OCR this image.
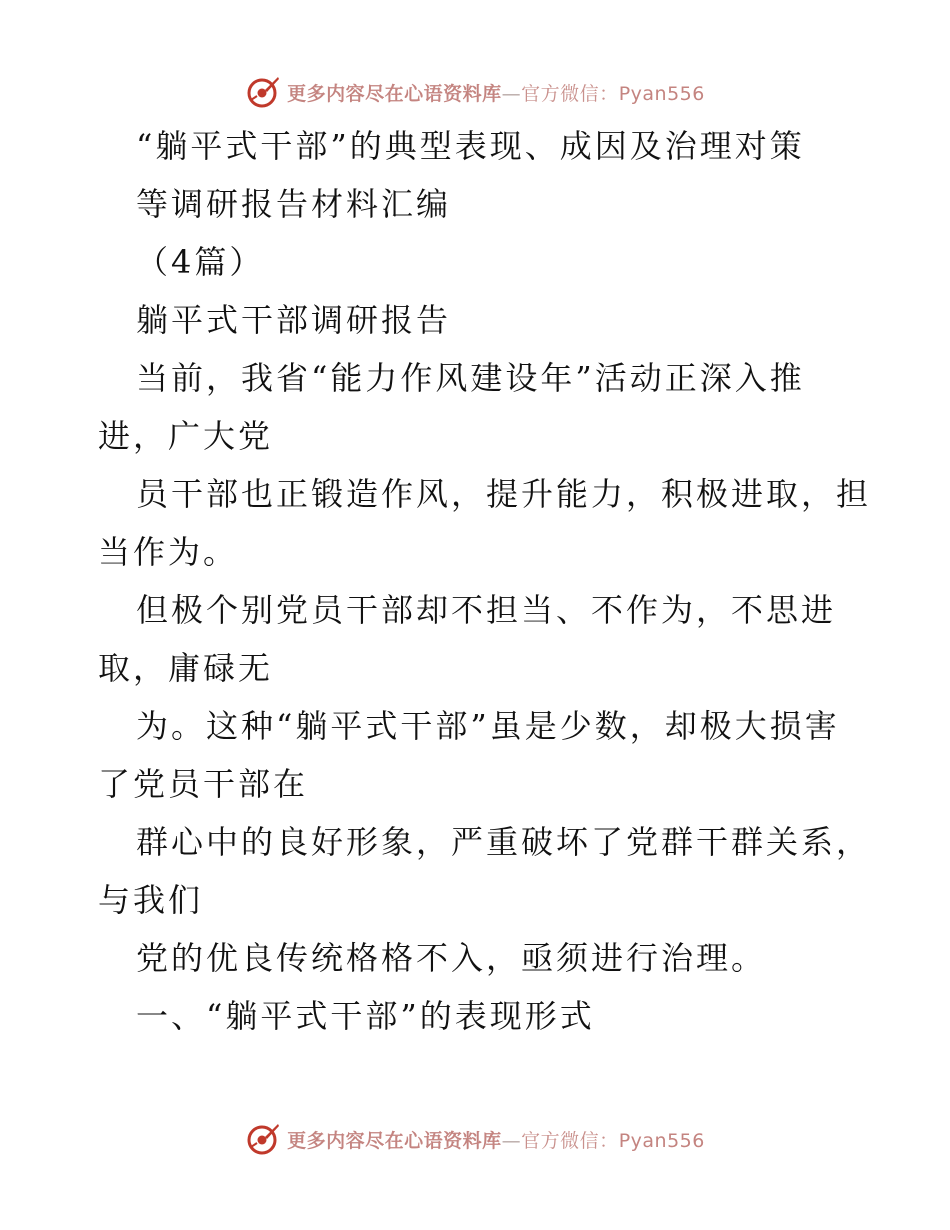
更多内容尽在心语资料库—官方微信：Pyan556
“躺平式干部”的典型表现、成因及治理对策
等调研报告材料汇编
（4篇）
躺平式干部调研报告
当前，我省“能力作风建设年”活动正深入推
进，广大党
员干部也正锻造作风，提升能力，积极进取，担
当作为。
但极个别党员干部却不担当、不作为，不思进
取，庸碌无
为。这种“躺平式干部”虽是少数，却极大损害
了党员干部在
群心中的良好形象，严重破坏了党群干群关系，
与我们
党的优良传统格格不入，亟须进行治理。
一、“躺平式干部”的表现形式
更多内容尽在心语资料库—官方微信：Pyan556
